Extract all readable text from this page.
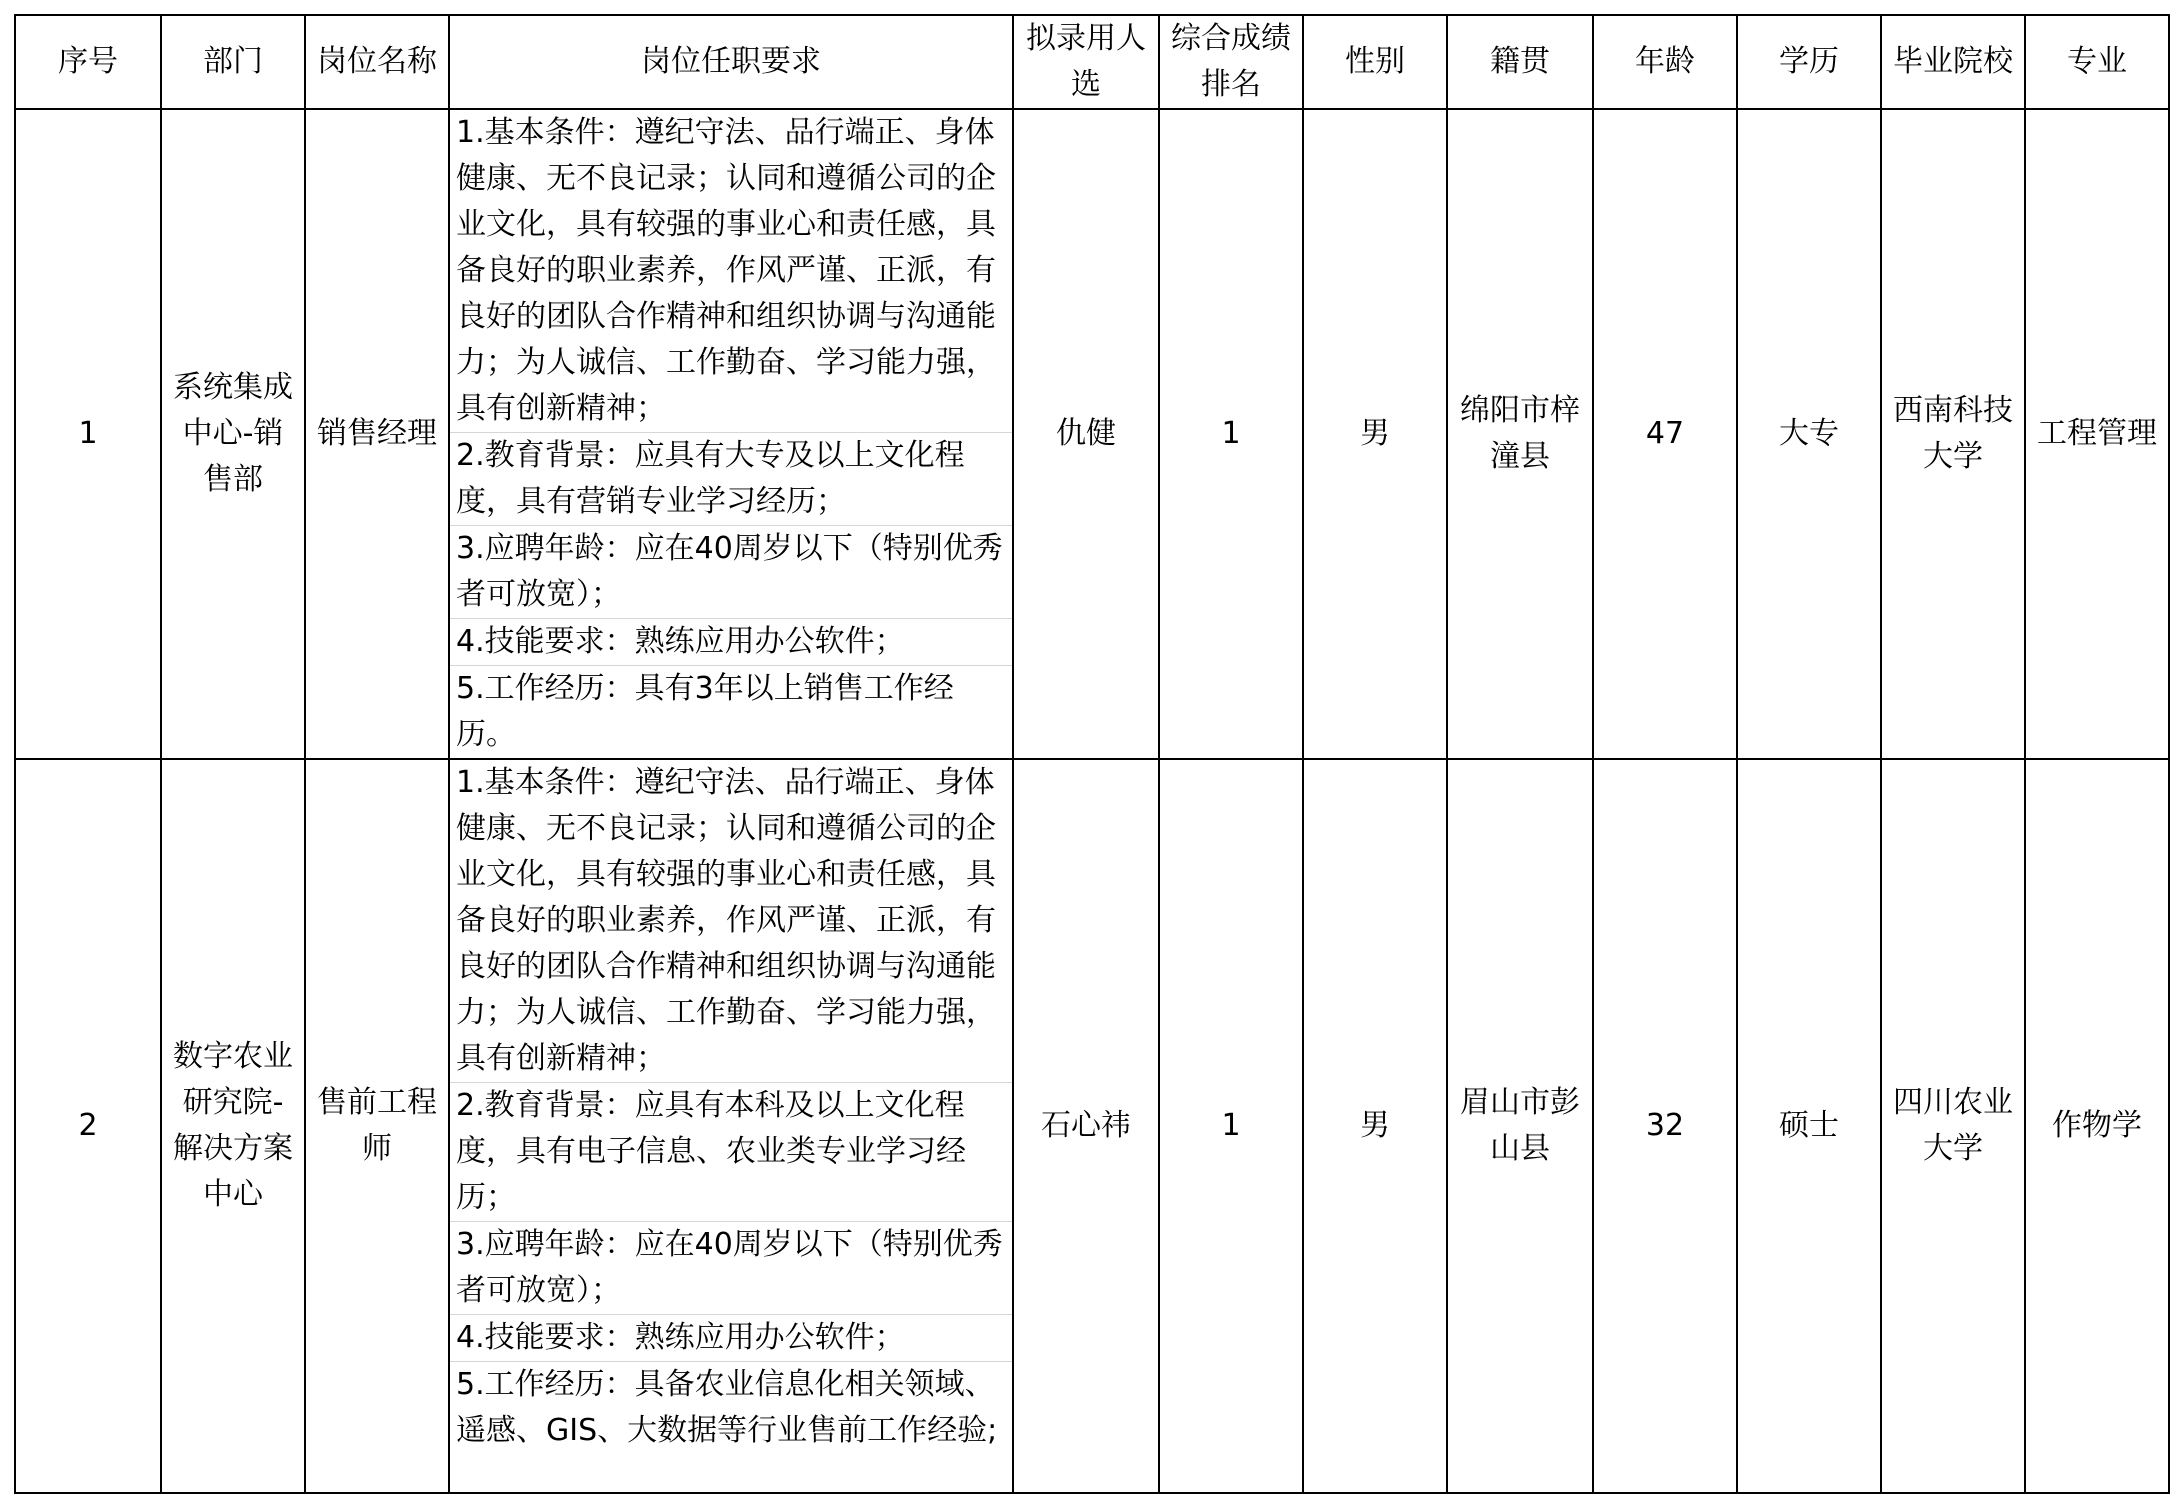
序号	部门	岗位名称	岗位任职要求	拟录用人选	综合成绩排名	性别	籍贯	年龄	学历	毕业院校	专业
1	系统集成中心-销售部	销售经理	1.基本条件：遵纪守法、品行端正、身体健康、无不良记录；认同和遵循公司的企业文化，具有较强的事业心和责任感，具备良好的职业素养，作风严谨、正派，有良好的团队合作精神和组织协调与沟通能力；为人诚信、工作勤奋、学习能力强，具有创新精神；
2.教育背景：应具有大专及以上文化程度，具有营销专业学习经历；
3.应聘年龄：应在40周岁以下（特别优秀者可放宽）；
4.技能要求：熟练应用办公软件；
5.工作经历：具有3年以上销售工作经历。	仇健	1	男	绵阳市梓潼县	47	大专	西南科技大学	工程管理
2	数字农业研究院-解决方案中心	售前工程师	1.基本条件：遵纪守法、品行端正、身体健康、无不良记录；认同和遵循公司的企业文化，具有较强的事业心和责任感，具备良好的职业素养，作风严谨、正派，有良好的团队合作精神和组织协调与沟通能力；为人诚信、工作勤奋、学习能力强，具有创新精神；
2.教育背景：应具有本科及以上文化程度，具有电子信息、农业类专业学习经历；
3.应聘年龄：应在40周岁以下（特别优秀者可放宽）；
4.技能要求：熟练应用办公软件；
5.工作经历：具备农业信息化相关领域、遥感、GIS、大数据等行业售前工作经验;	石心祎	1	男	眉山市彭山县	32	硕士	四川农业大学	作物学
